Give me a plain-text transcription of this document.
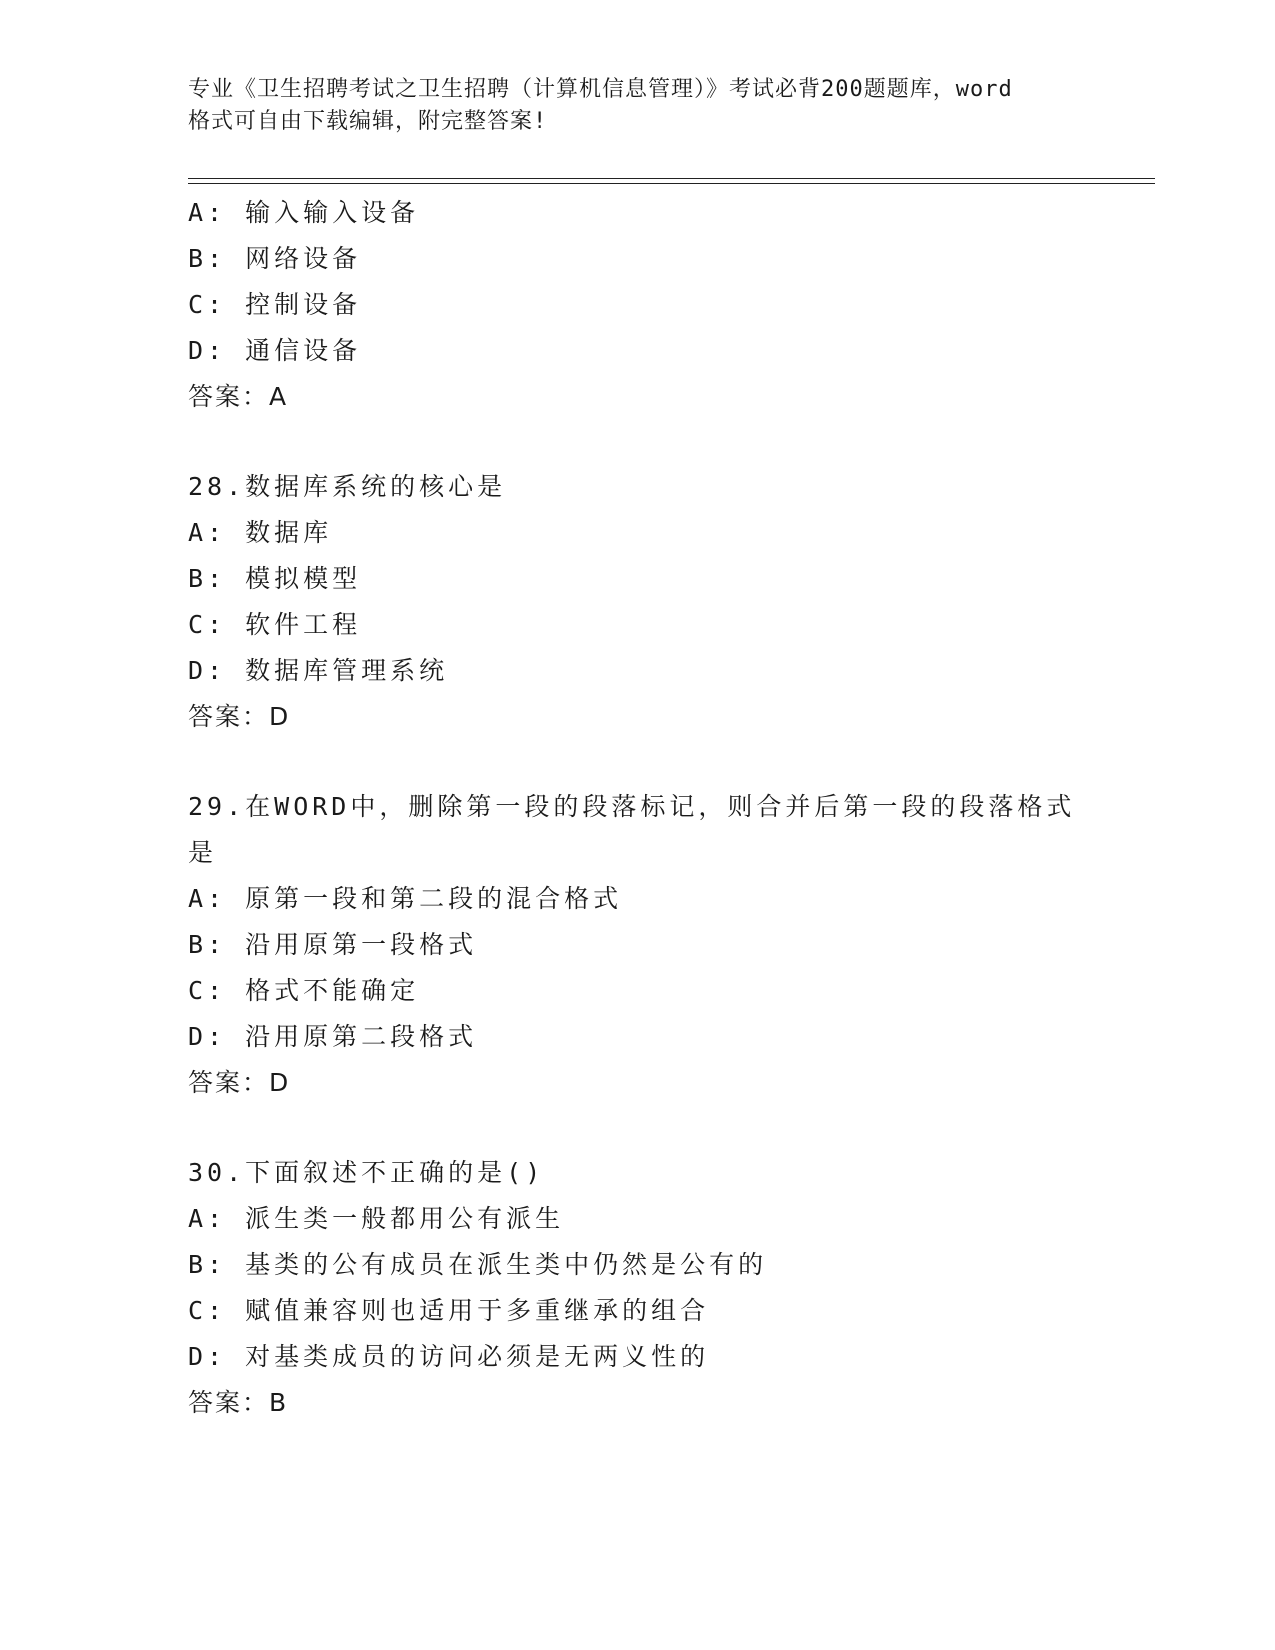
专业《卫生招聘考试之卫生招聘（计算机信息管理）》考试必背200题题库，word
格式可自由下载编辑，附完整答案!
A: 输入输入设备
B: 网络设备
C: 控制设备
D: 通信设备
答案：A
28.数据库系统的核心是
A: 数据库
B: 模拟模型
C: 软件工程
D: 数据库管理系统
答案：D
29.在WORD中，删除第一段的段落标记，则合并后第一段的段落格式
是
A: 原第一段和第二段的混合格式
B: 沿用原第一段格式
C: 格式不能确定
D: 沿用原第二段格式
答案：D
30.下面叙述不正确的是()
A: 派生类一般都用公有派生
B: 基类的公有成员在派生类中仍然是公有的
C: 赋值兼容则也适用于多重继承的组合
D: 对基类成员的访问必须是无两义性的
答案：B
